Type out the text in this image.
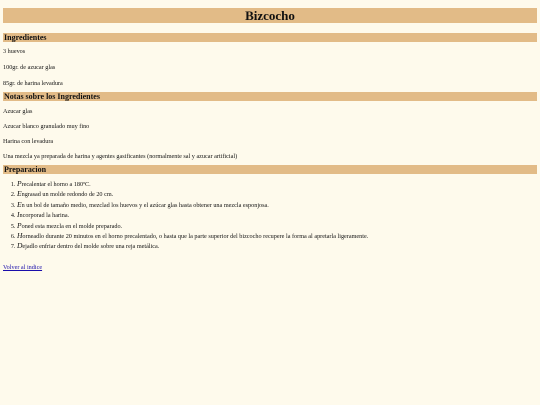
Bizcocho
Ingredientes

3 huevos

100gr. de azucar glas

85gr. de harina levadura

Notas sobre los Ingredientes

Azucar glas

Azucar blanco granulado muy fino

Harina con levadura

Una mezcla ya preparada de harina y agentes gasificantes (normalmente sal y azucar artificial)

Preparacion
1. Precalentar el horno a 180ºC.
2. Engrasad un molde redondo de 20 cm.
3. En un bol de tamaño medio, mezclad los huevos y el azúcar glas hasta obtener una mezcla esponjosa.
4. Incorporad la harina.
5. Poned esta mezcla en el molde preparado.
6. Horneadlo durante 20 minutos en el horno precalentado, o hasta que la parte superior del bizcocho recupere la forma al apretarla ligeramente.
7. Dejadlo enfriar dentro del molde sobre una reja metálica.
Volver al indice
